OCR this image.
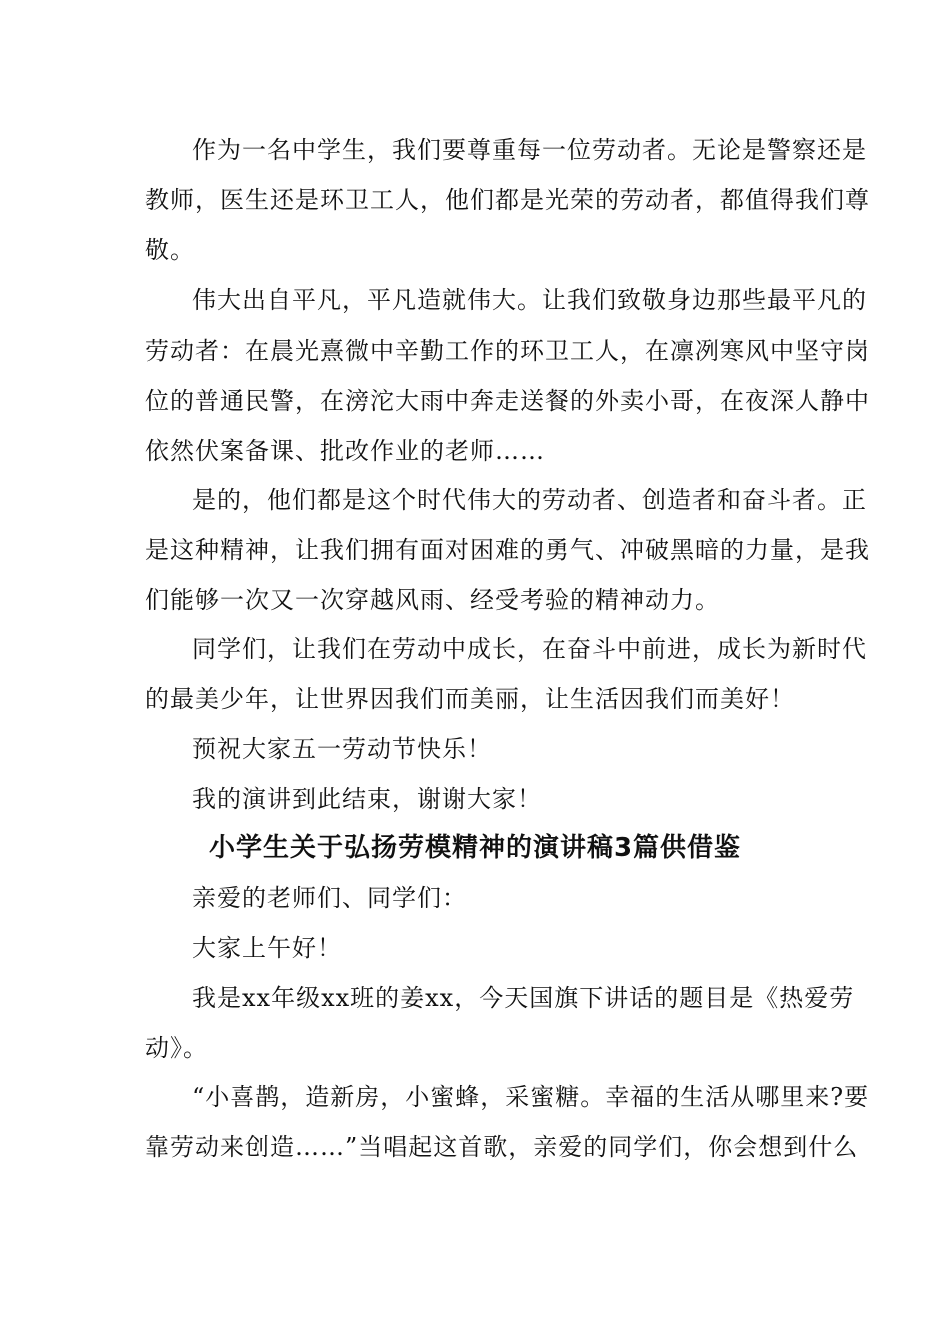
作为一名中学生，我们要尊重每一位劳动者。无论是警察还是
教师，医生还是环卫工人，他们都是光荣的劳动者，都值得我们尊
敬。
伟大出自平凡，平凡造就伟大。让我们致敬身边那些最平凡的
劳动者：在晨光熹微中辛勤工作的环卫工人，在凛冽寒风中坚守岗
位的普通民警，在滂沱大雨中奔走送餐的外卖小哥，在夜深人静中
依然伏案备课、批改作业的老师……
是的，他们都是这个时代伟大的劳动者、创造者和奋斗者。正
是这种精神，让我们拥有面对困难的勇气、冲破黑暗的力量，是我
们能够一次又一次穿越风雨、经受考验的精神动力。
同学们，让我们在劳动中成长，在奋斗中前进，成长为新时代
的最美少年，让世界因我们而美丽，让生活因我们而美好！
预祝大家五一劳动节快乐！
我的演讲到此结束，谢谢大家！
小学生关于弘扬劳模精神的演讲稿3篇供借鉴
亲爱的老师们、同学们：
大家上午好！
我是xx年级xx班的姜xx，今天国旗下讲话的题目是《热爱劳
动》。
“小喜鹊，造新房，小蜜蜂，采蜜糖。幸福的生活从哪里来?要
靠劳动来创造……”当唱起这首歌，亲爱的同学们，你会想到什么
